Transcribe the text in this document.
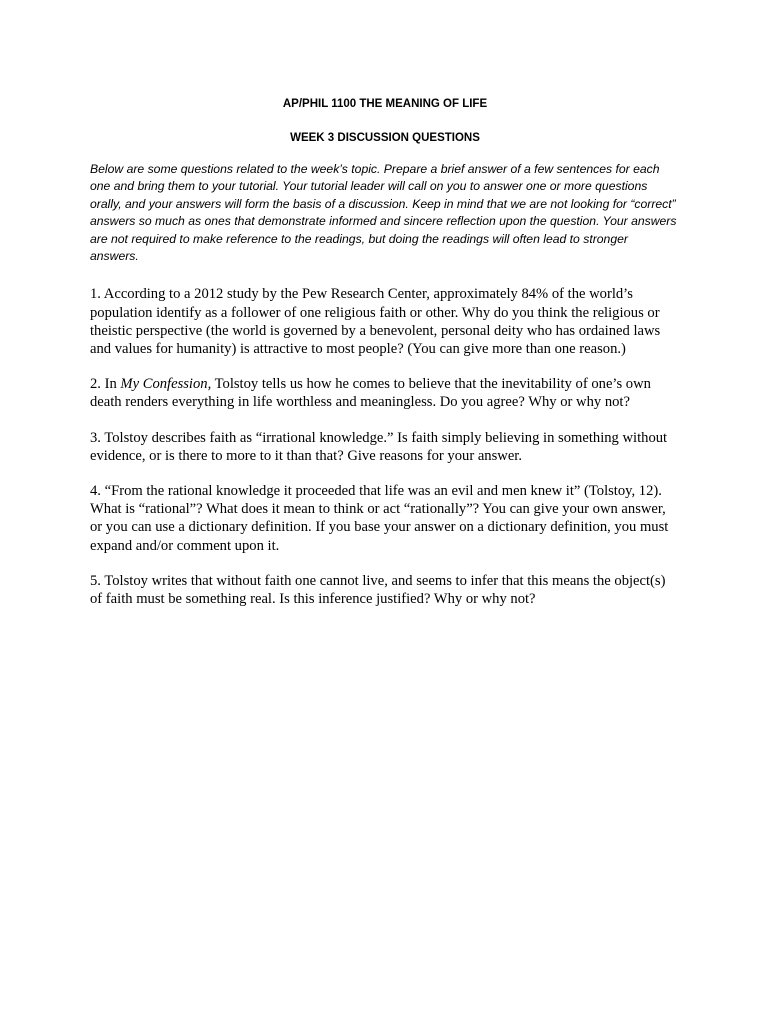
AP/PHIL 1100 THE MEANING OF LIFE

WEEK 3 DISCUSSION QUESTIONS

Below are some questions related to the week’s topic. Prepare a brief answer of a few sentences for each one and bring them to your tutorial. Your tutorial leader will call on you to answer one or more questions orally, and your answers will form the basis of a discussion. Keep in mind that we are not looking for “correct” answers so much as ones that demonstrate informed and sincere reflection upon the question. Your answers are not required to make reference to the readings, but doing the readings will often lead to stronger answers.

1. According to a 2012 study by the Pew Research Center, approximately 84% of the world’s population identify as a follower of one religious faith or other. Why do you think the religious or theistic perspective (the world is governed by a benevolent, personal deity who has ordained laws and values for humanity) is attractive to most people? (You can give more than one reason.)

2. In My Confession, Tolstoy tells us how he comes to believe that the inevitability of one’s own death renders everything in life worthless and meaningless. Do you agree? Why or why not?

3. Tolstoy describes faith as “irrational knowledge.” Is faith simply believing in something without evidence, or is there to more to it than that? Give reasons for your answer.

4. “From the rational knowledge it proceeded that life was an evil and men knew it” (Tolstoy, 12). What is “rational”? What does it mean to think or act “rationally”? You can give your own answer, or you can use a dictionary definition. If you base your answer on a dictionary definition, you must expand and/or comment upon it.

5. Tolstoy writes that without faith one cannot live, and seems to infer that this means the object(s) of faith must be something real. Is this inference justified? Why or why not?
